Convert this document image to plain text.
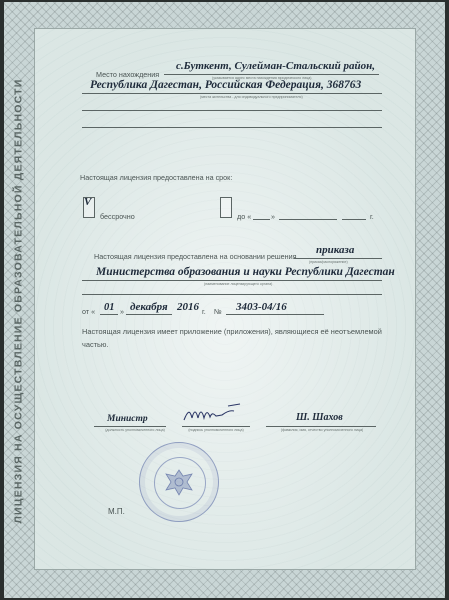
ЛИЦЕНЗИЯ НА ОСУЩЕСТВЛЕНИЕ ОБРАЗОВАТЕЛЬНОЙ ДЕЯТЕЛЬНОСТИ
Место нахождения
с.Буткент, Сулейман-Стальский район,
(указывается адрес места нахождения юридического лица)
Республика Дагестан, Российская Федерация, 368763
(места жительства - для индивидуального предпринимателя)
Настоящая лицензия предоставлена на срок:
V
бессрочно	до «	»	г.
Настоящая лицензия предоставлена на основании решения
приказа
(приказ/распоряжение)
Министерства образования и науки Республики Дагестан
(наименование лицензирующего органа)
от « 01 » декабря 2016 г. № 3403-04/16
Настоящая лицензия имеет приложение (приложения), являющиеся её неотъемлемой частью.
Министр
(должность уполномоченного лица)	(подпись уполномоченного лица)
Ш. Шахов
(фамилия, имя, отчество уполномоченного лица)
М.П.
